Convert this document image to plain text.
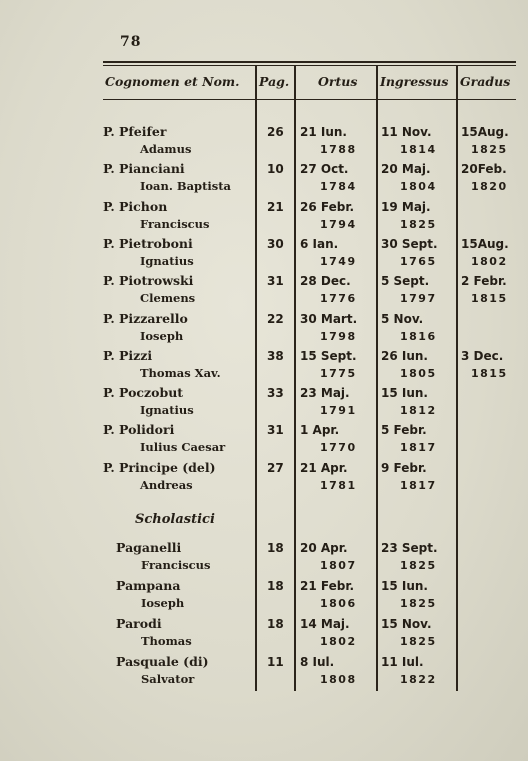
78
Cognomen et Nom. Pag. Ortus Ingressus Gradus
P. Pfeifer
Adamus
26 21 Iun.
1788
11 Nov.
1814
15Aug.
1825
P. Pianciani
Ioan. Baptista
10 27 Oct.
1784
20 Maj.
1804
20Feb.
1820
P. Pichon
Franciscus
21 26 Febr.
1794
19 Maj.
1825
P. Pietroboni
Ignatius
30 6 Ian.
1749
30 Sept.
1765
15Aug.
1802
P. Piotrowski
Clemens
31 28 Dec.
1776
5 Sept.
1797
2 Febr.
1815
P. Pizzarello
Ioseph
22 30 Mart.
1798
5 Nov.
1816
P. Pizzi
Thomas Xav.
38 15 Sept.
1775
26 Iun.
1805
3 Dec.
1815
P. Poczobut
Ignatius
33 23 Maj.
1791
15 Iun.
1812
P. Polidori
Iulius Caesar
31 1 Apr.
1770
5 Febr.
1817
P. Principe (del)
Andreas
27 21 Apr.
1781
9 Febr.
1817
Scholastici
Paganelli
Franciscus
18 20 Apr.
1807
23 Sept.
1825
Pampana
Ioseph
18 21 Febr.
1806
15 Iun.
1825
Parodi
Thomas
18 14 Maj.
1802
15 Nov.
1825
Pasquale (di)
Salvator
11 8 Iul.
1808
11 Iul.
1822
